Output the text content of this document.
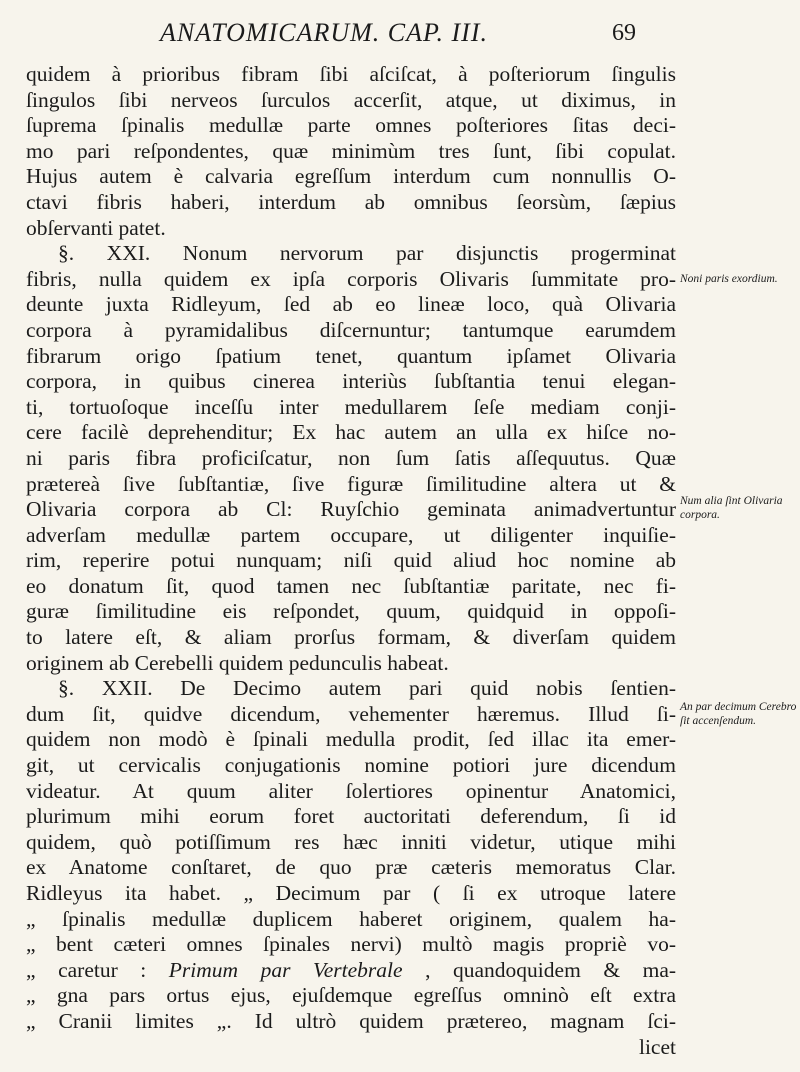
ANATOMICARUM. CAP. III.	69
quidem à prioribus fibram ſibi aſciſcat, à poſteriorum ſingulis
ſingulos ſibi nerveos ſurculos accerſit, atque, ut diximus, in
ſuprema ſpinalis medullæ parte omnes poſteriores ſitas deci-
mo pari reſpondentes, quæ minimùm tres ſunt, ſibi copulat.
Hujus autem è calvaria egreſſum interdum cum nonnullis O-
ctavi fibris haberi, interdum ab omnibus ſeorsùm, ſæpius
obſervanti patet.
§. XXI. Nonum nervorum par disjunctis progerminat
fibris, nulla quidem ex ipſa corporis Olivaris ſummitate pro-
deunte juxta Ridleyum, ſed ab eo lineæ loco, quà Olivaria
corpora à pyramidalibus diſcernuntur; tantumque earumdem
fibrarum origo ſpatium tenet, quantum ipſamet Olivaria
corpora, in quibus cinerea interiùs ſubſtantia tenui elegan-
ti, tortuoſoque inceſſu inter medullarem ſeſe mediam conji-
cere facilè deprehenditur; Ex hac autem an ulla ex hiſce no-
ni paris fibra proficiſcatur, non ſum ſatis aſſequutus. Quæ
prætereà ſive ſubſtantiæ, ſive figuræ ſimilitudine altera ut &
Olivaria corpora ab Cl: Ruyſchio geminata animadvertuntur
adverſam medullæ partem occupare, ut diligenter inquiſie-
rim, reperire potui nunquam; niſi quid aliud hoc nomine ab
eo donatum ſit, quod tamen nec ſubſtantiæ paritate, nec fi-
guræ ſimilitudine eis reſpondet, quum, quidquid in oppoſi-
to latere eſt, & aliam prorſus formam, & diverſam quidem
originem ab Cerebelli quidem pedunculis habeat.
§. XXII. De Decimo autem pari quid nobis ſentien-
dum ſit, quidve dicendum, vehementer hæremus. Illud ſi-
quidem non modò è ſpinali medulla prodit, ſed illac ita emer-
git, ut cervicalis conjugationis nomine potiori jure dicendum
videatur. At quum aliter ſolertiores opinentur Anatomici,
plurimum mihi eorum foret auctoritati deferendum, ſi id
quidem, quò potiſſimum res hæc inniti videtur, utique mihi
ex Anatome conſtaret, de quo præ cæteris memoratus Clar.
Ridleyus ita habet. „ Decimum par ( ſi ex utroque latere
„ ſpinalis medullæ duplicem haberet originem, qualem ha-
„ bent cæteri omnes ſpinales nervi) multò magis propriè vo-
„ caretur : Primum par Vertebrale , quandoquidem & ma-
„ gna pars ortus ejus, ejuſdemque egreſſus omninò eſt extra
„ Cranii limites „. Id ultrò quidem prætereo, magnam ſci-
licet
Noni paris exordium.
Num alia ſint Olivaria corpora.
An par decimum Cerebro ſit accenſendum.
